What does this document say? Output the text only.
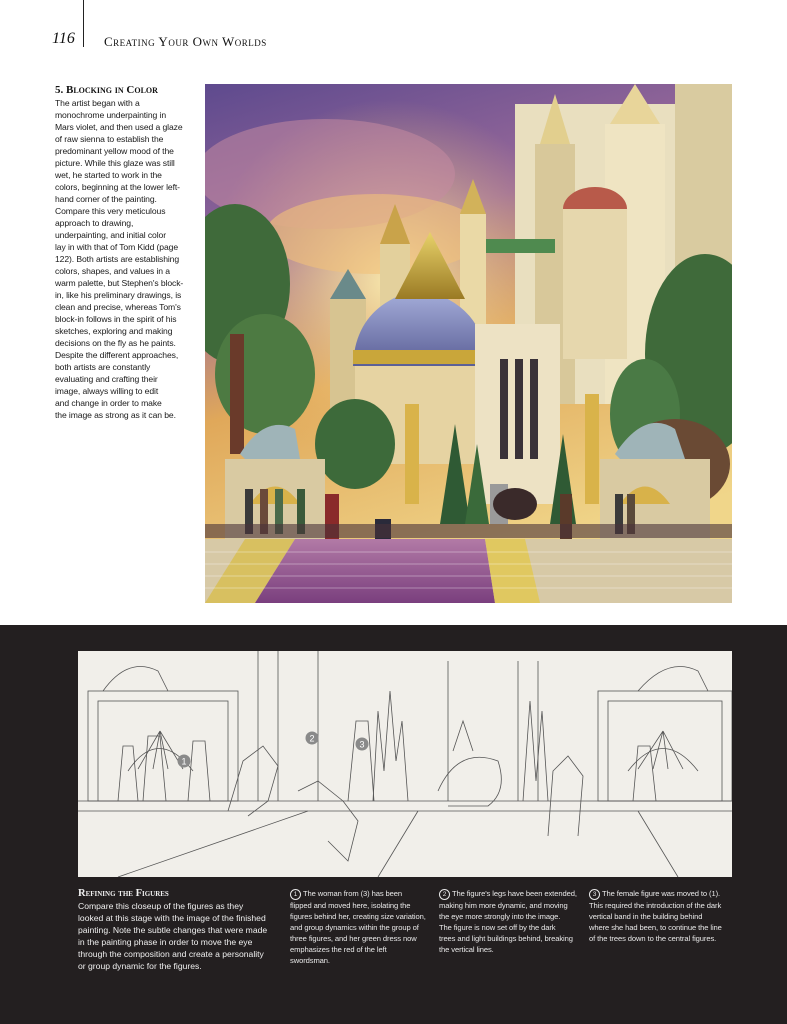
116 Creating Your Own Worlds
5. Blocking in Color
The artist began with a
monochrome underpainting in
Mars violet, and then used a glaze
of raw sienna to establish the
predominant yellow mood of the
picture. While this glaze was still
wet, he started to work in the
colors, beginning at the lower left-
hand corner of the painting.
Compare this very meticulous
approach to drawing,
underpainting, and initial color
lay in with that of Tom Kidd (page
122). Both artists are establishing
colors, shapes, and values in a
warm palette, but Stephen's block-
in, like his preliminary drawings, is
clean and precise, whereas Tom's
block-in follows in the spirit of his
sketches, exploring and making
decisions on the fly as he paints.
Despite the different approaches,
both artists are constantly
evaluating and crafting their
image, always willing to edit
and change in order to make
the image as strong as it can be.
1
2
3
Refining the Figures
Compare this closeup of the figures as they
looked at this stage with the image of the finished
painting. Note the subtle changes that were made
in the painting phase in order to move the eye
through the composition and create a personality
or group dynamic for the figures.
1 The woman from (3) has been
flipped and moved here, isolating the
figures behind her, creating size variation,
and group dynamics within the group of
three figures, and her green dress now
emphasizes the red of the left
swordsman.
2 The figure's legs have been extended,
making him more dynamic, and moving
the eye more strongly into the image.
The figure is now set off by the dark
trees and light buildings behind, breaking
the vertical lines.
3 The female figure was moved to (1).
This required the introduction of the dark
vertical band in the building behind
where she had been, to continue the line
of the trees down to the central figures.
